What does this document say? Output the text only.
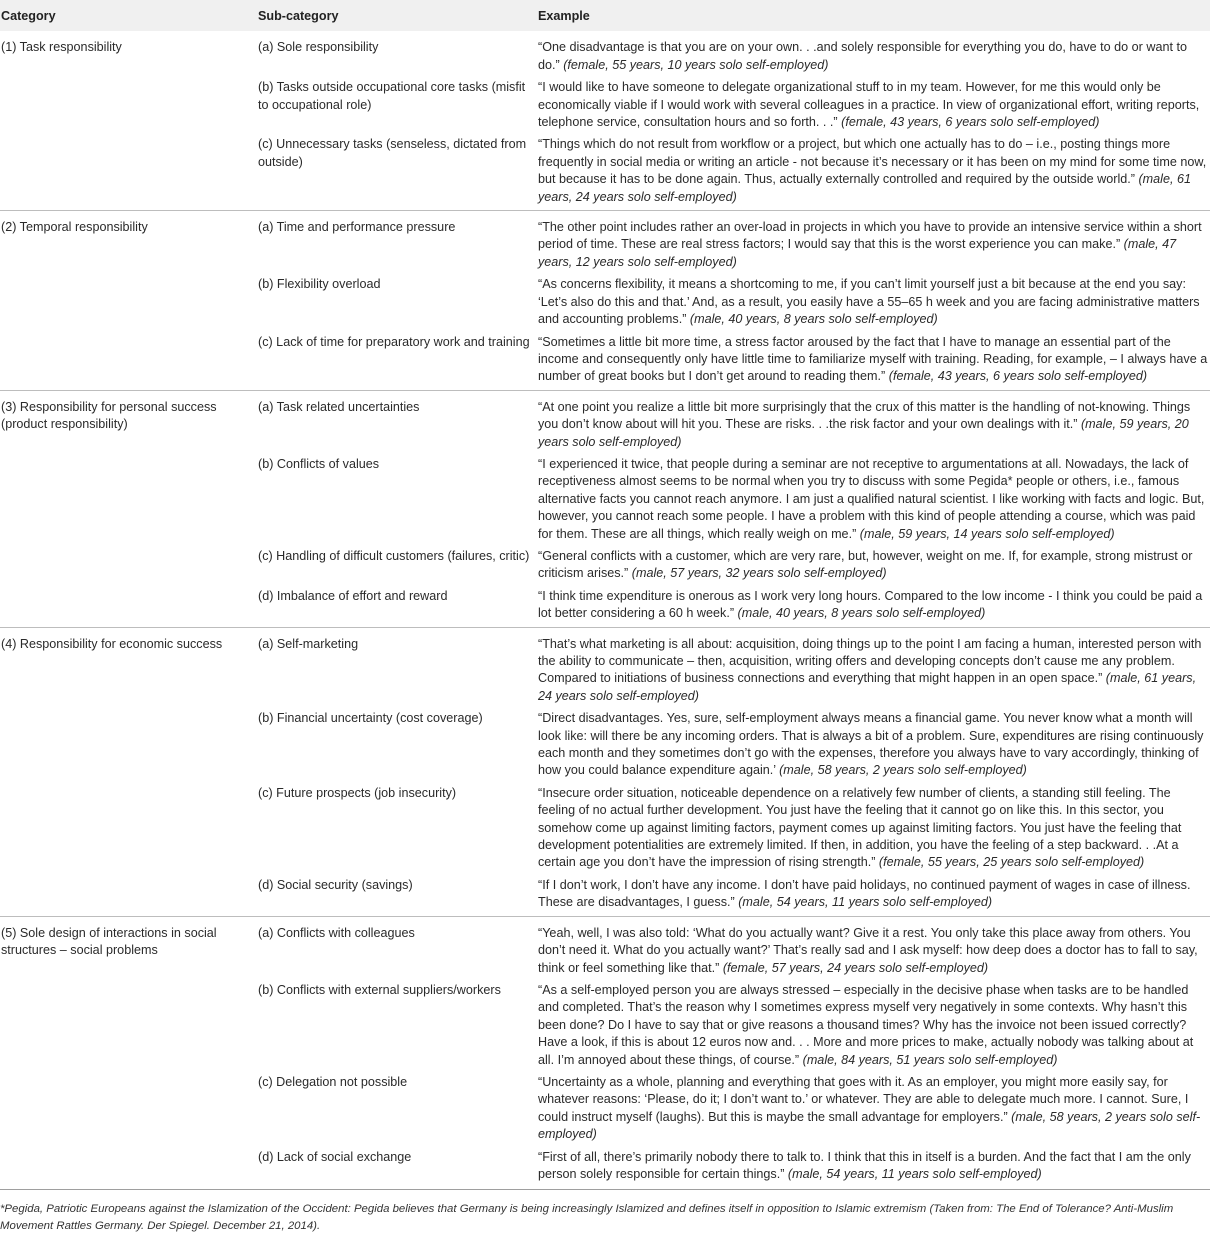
Category	Sub-category	Example
(1) Task responsibility	(a) Sole responsibility	“One disadvantage is that you are on your own. . .and solely responsible for everything you do, have to do or want to do.” (female, 55 years, 10 years solo self-employed)
	(b) Tasks outside occupational core tasks (misfit to occupational role)	“I would like to have someone to delegate organizational stuff to in my team. However, for me this would only be economically viable if I would work with several colleagues in a practice. In view of organizational effort, writing reports, telephone service, consultation hours and so forth. . .” (female, 43 years, 6 years solo self-employed)
	(c) Unnecessary tasks (senseless, dictated from outside)	“Things which do not result from workflow or a project, but which one actually has to do – i.e., posting things more frequently in social media or writing an article - not because it’s necessary or it has been on my mind for some time now, but because it has to be done again. Thus, actually externally controlled and required by the outside world.” (male, 61 years, 24 years solo self-employed)
(2) Temporal responsibility	(a) Time and performance pressure	“The other point includes rather an over-load in projects in which you have to provide an intensive service within a short period of time. These are real stress factors; I would say that this is the worst experience you can make.” (male, 47 years, 12 years solo self-employed)
	(b) Flexibility overload	“As concerns flexibility, it means a shortcoming to me, if you can’t limit yourself just a bit because at the end you say: ‘Let’s also do this and that.’ And, as a result, you easily have a 55–65 h week and you are facing administrative matters and accounting problems.” (male, 40 years, 8 years solo self-employed)
	(c) Lack of time for preparatory work and training	“Sometimes a little bit more time, a stress factor aroused by the fact that I have to manage an essential part of the income and consequently only have little time to familiarize myself with training. Reading, for example, – I always have a number of great books but I don’t get around to reading them.” (female, 43 years, 6 years solo self-employed)
(3) Responsibility for personal success (product responsibility)	(a) Task related uncertainties	“At one point you realize a little bit more surprisingly that the crux of this matter is the handling of not-knowing. Things you don’t know about will hit you. These are risks. . .the risk factor and your own dealings with it.” (male, 59 years, 20 years solo self-employed)
	(b) Conflicts of values	“I experienced it twice, that people during a seminar are not receptive to argumentations at all. Nowadays, the lack of receptiveness almost seems to be normal when you try to discuss with some Pegida* people or others, i.e., famous alternative facts you cannot reach anymore. I am just a qualified natural scientist. I like working with facts and logic. But, however, you cannot reach some people. I have a problem with this kind of people attending a course, which was paid for them. These are all things, which really weigh on me.” (male, 59 years, 14 years solo self-employed)
	(c) Handling of difficult customers (failures, critic)	“General conflicts with a customer, which are very rare, but, however, weight on me. If, for example, strong mistrust or criticism arises.” (male, 57 years, 32 years solo self-employed)
	(d) Imbalance of effort and reward	“I think time expenditure is onerous as I work very long hours. Compared to the low income - I think you could be paid a lot better considering a 60 h week.” (male, 40 years, 8 years solo self-employed)
(4) Responsibility for economic success	(a) Self-marketing	“That’s what marketing is all about: acquisition, doing things up to the point I am facing a human, interested person with the ability to communicate – then, acquisition, writing offers and developing concepts don’t cause me any problem. Compared to initiations of business connections and everything that might happen in an open space.” (male, 61 years, 24 years solo self-employed)
	(b) Financial uncertainty (cost coverage)	“Direct disadvantages. Yes, sure, self-employment always means a financial game. You never know what a month will look like: will there be any incoming orders. That is always a bit of a problem. Sure, expenditures are rising continuously each month and they sometimes don’t go with the expenses, therefore you always have to vary accordingly, thinking of how you could balance expenditure again.’ (male, 58 years, 2 years solo self-employed)
	(c) Future prospects (job insecurity)	“Insecure order situation, noticeable dependence on a relatively few number of clients, a standing still feeling. The feeling of no actual further development. You just have the feeling that it cannot go on like this. In this sector, you somehow come up against limiting factors, payment comes up against limiting factors. You just have the feeling that development potentialities are extremely limited. If then, in addition, you have the feeling of a step backward. . .At a certain age you don’t have the impression of rising strength.” (female, 55 years, 25 years solo self-employed)
	(d) Social security (savings)	“If I don’t work, I don’t have any income. I don’t have paid holidays, no continued payment of wages in case of illness. These are disadvantages, I guess.” (male, 54 years, 11 years solo self-employed)
(5) Sole design of interactions in social structures – social problems	(a) Conflicts with colleagues	“Yeah, well, I was also told: ‘What do you actually want? Give it a rest. You only take this place away from others. You don’t need it. What do you actually want?’ That’s really sad and I ask myself: how deep does a doctor has to fall to say, think or feel something like that.” (female, 57 years, 24 years solo self-employed)
	(b) Conflicts with external suppliers/workers	“As a self-employed person you are always stressed – especially in the decisive phase when tasks are to be handled and completed. That’s the reason why I sometimes express myself very negatively in some contexts. Why hasn’t this been done? Do I have to say that or give reasons a thousand times? Why has the invoice not been issued correctly? Have a look, if this is about 12 euros now and. . . More and more prices to make, actually nobody was talking about at all. I’m annoyed about these things, of course.” (male, 84 years, 51 years solo self-employed)
	(c) Delegation not possible	“Uncertainty as a whole, planning and everything that goes with it. As an employer, you might more easily say, for whatever reasons: ‘Please, do it; I don’t want to.’ or whatever. They are able to delegate much more. I cannot. Sure, I could instruct myself (laughs). But this is maybe the small advantage for employers.” (male, 58 years, 2 years solo self-employed)
	(d) Lack of social exchange	“First of all, there’s primarily nobody there to talk to. I think that this in itself is a burden. And the fact that I am the only person solely responsible for certain things.” (male, 54 years, 11 years solo self-employed)
*Pegida, Patriotic Europeans against the Islamization of the Occident: Pegida believes that Germany is being increasingly Islamized and defines itself in opposition to Islamic extremism (Taken from: The End of Tolerance? Anti-Muslim Movement Rattles Germany. Der Spiegel. December 21, 2014).
